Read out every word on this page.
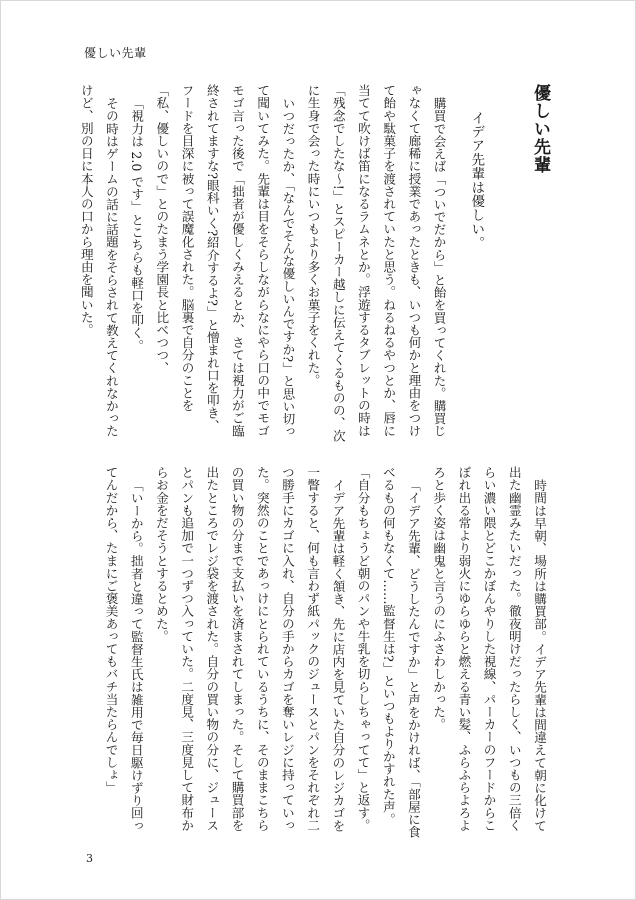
優しい先輩

優しい先輩

イデア先輩は優しい。

購買で会えば「ついでだから」と飴を買ってくれた。購買じゃなくて廊稀に授業であったときも、いつも何かと理由をつけて飴や駄菓子を渡されていたと思う。ねるねるやつとか、唇に当てて吹けば笛になるラムネとか。浮遊するタブレットの時は「残念でしたな〜!」とスピーカー越しに伝えてくるものの、次に生身で会った時にいつもより多くお菓子をくれた。

いつだったか、「なんでそんな優しいんですか?」と思い切って聞いてみた。先輩は目をそらしながらなにやら口の中でモゴモゴ言った後で「拙者が優しくみえるとか、さては視力がご臨終されてますな?眼科いく?紹介するよ?」と憎まれ口を叩き、フードを目深に被って誤魔化された。脳裏で自分のことを「私、優しいので」とのたまう学園長と比べつつ、

「視力は 2.0 です」とこちらも軽口を叩く。

その時はゲームの話に話題をそらされて教えてくれなかったけど、別の日に本人の口から理由を聞いた。

時間は早朝、場所は購買部。イデア先輩は間違えて朝に化けて出た幽霊みたいだった。徹夜明けだったらしく、いつもの三倍くらい濃い隈とどこかぼんやりした視線、パーカーのフードからこぼれ出る常より弱火にゆらゆらと燃える青い髪、ふらふらよろよろと歩く姿は幽鬼と言うのにふさわしかった。

「イデア先輩、どうしたんですか」と声をかければ、「部屋に食べるもの何もなくて……監督生は?」といつもよりかすれた声。「自分もちょうど朝のパンや牛乳を切らしちゃってて」と返す。

イデア先輩は軽く頷き、先に店内を見ていた自分のレジカゴを一瞥すると、何も言わず紙パックのジュースとパンをそれぞれ二つ勝手にカゴに入れ、自分の手からカゴを奪いレジに持っていった。突然のことであっけにとられているうちに、そのままこちらの買い物の分まで支払いを済まされてしまった。そして購買部を出たところでレジ袋を渡された。自分の買い物の分に、ジュースとパンも追加で一つずつ入っていた。二度見、三度見して財布からお金をだそうとするとめた。

「いーから。拙者と違って監督生氏は雑用で毎日駆けずり回ってんだから、たまにご褒美あってもバチ当たらんでしょ」

3
